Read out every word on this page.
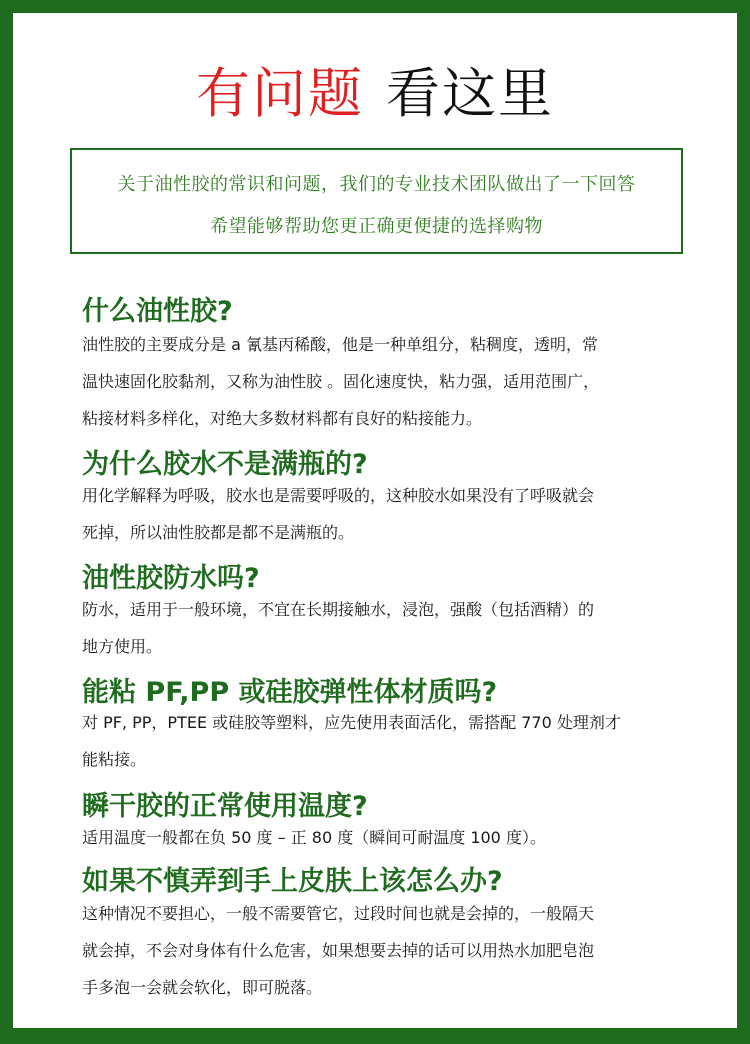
有问题 看这里

关于油性胶的常识和问题，我们的专业技术团队做出了一下回答

希望能够帮助您更正确更便捷的选择购物

什么油性胶?

油性胶的主要成分是 a 氰基丙稀酸，他是一种单组分，粘稠度，透明，常

温快速固化胶黏剂，又称为油性胶 。固化速度快，粘力强，适用范围广，

粘接材料多样化，对绝大多数材料都有良好的粘接能力。

为什么胶水不是满瓶的?

用化学解释为呼吸，胶水也是需要呼吸的，这种胶水如果没有了呼吸就会

死掉，所以油性胶都是都不是满瓶的。

油性胶防水吗?

防水，适用于一般环境，不宜在长期接触水，浸泡，强酸（包括酒精）的

地方使用。

能粘 PF,PP 或硅胶弹性体材质吗?

对 PF, PP，PTEE 或硅胶等塑料，应先使用表面活化，需搭配 770 处理剂才

能粘接。

瞬干胶的正常使用温度?

适用温度一般都在负 50 度 – 正 80 度（瞬间可耐温度 100 度）。

如果不慎弄到手上皮肤上该怎么办?

这种情况不要担心，一般不需要管它，过段时间也就是会掉的，一般隔天

就会掉，不会对身体有什么危害，如果想要去掉的话可以用热水加肥皂泡

手多泡一会就会软化，即可脱落。
